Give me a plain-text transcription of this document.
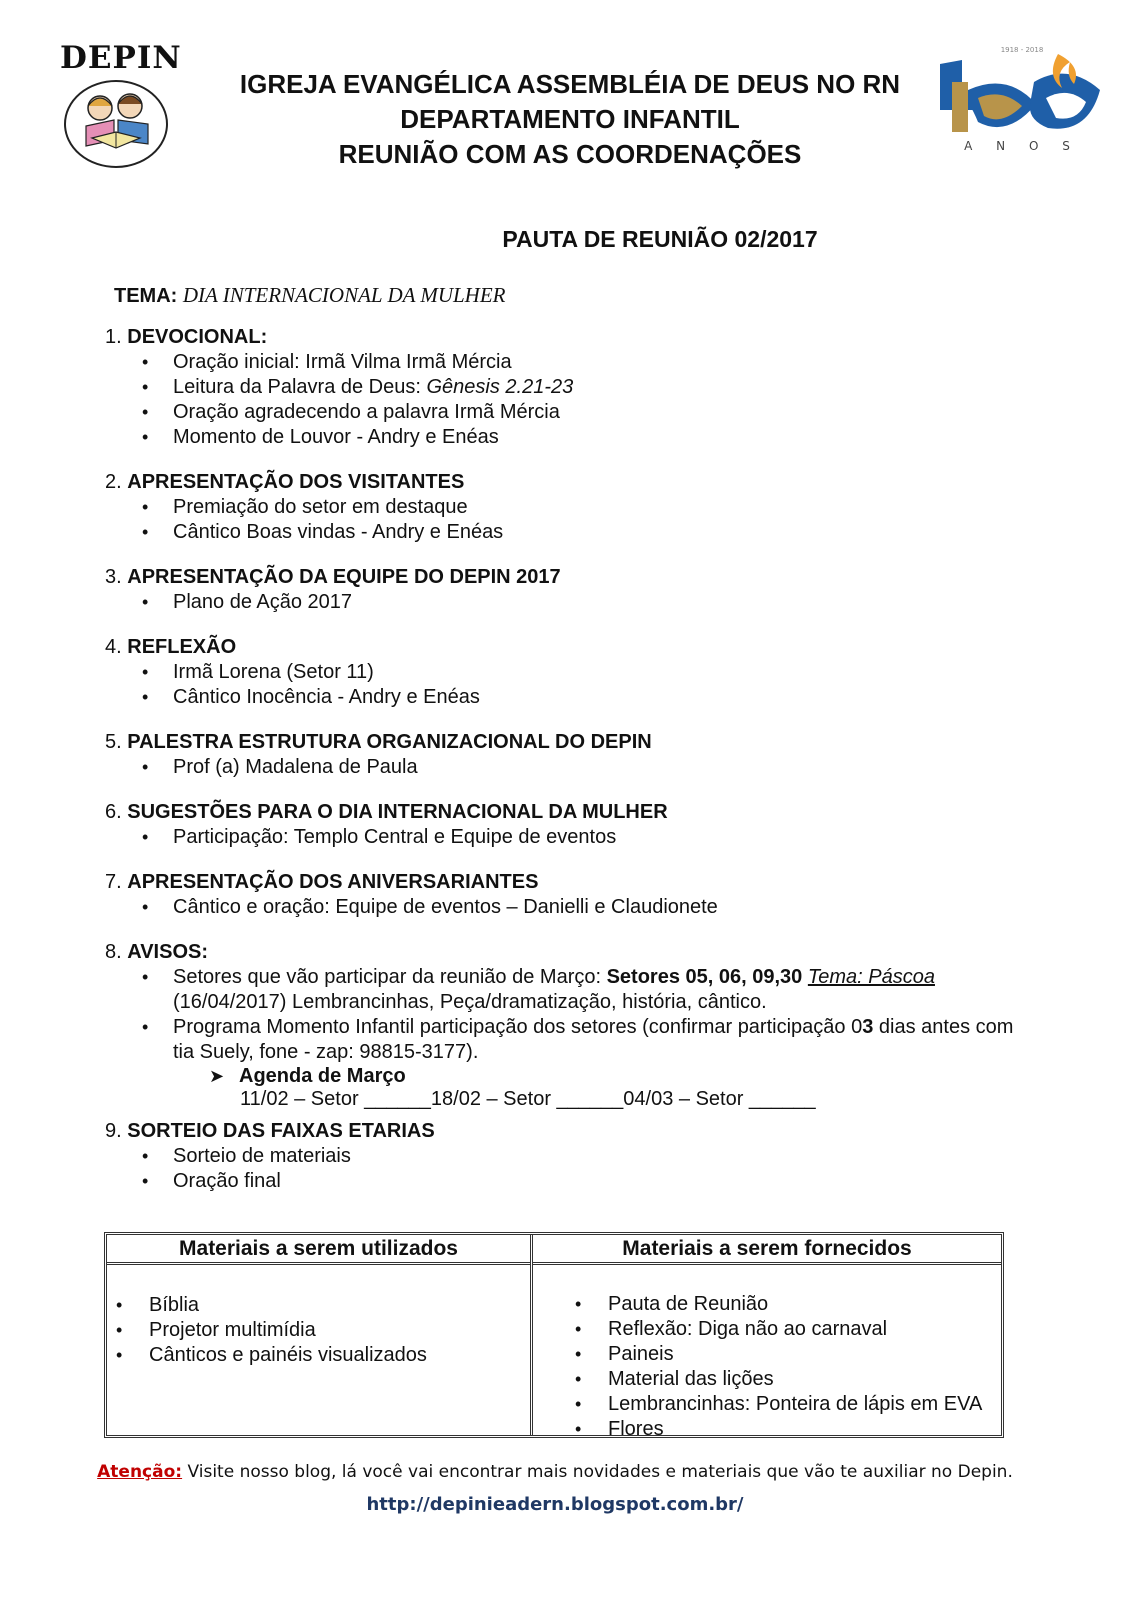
DEPIN
IGREJA EVANGÉLICA ASSEMBLÉIA DE DEUS NO RN
DEPARTAMENTO INFANTIL
REUNIÃO COM AS COORDENAÇÕES
1918 - 2018
A N O S
PAUTA DE REUNIÃO 02/2017
TEMA: DIA INTERNACIONAL DA MULHER
1. DEVOCIONAL:
• Oração inicial: Irmã Vilma Irmã Mércia
• Leitura da Palavra de Deus: Gênesis 2.21-23
• Oração agradecendo a palavra Irmã Mércia
• Momento de Louvor - Andry e Enéas
2. APRESENTAÇÃO DOS VISITANTES
• Premiação do setor em destaque
• Cântico Boas vindas - Andry e Enéas
3. APRESENTAÇÃO DA EQUIPE DO DEPIN 2017
• Plano de Ação 2017
4. REFLEXÃO
• Irmã Lorena (Setor 11)
• Cântico Inocência - Andry e Enéas
5. PALESTRA ESTRUTURA ORGANIZACIONAL DO DEPIN
• Prof (a) Madalena de Paula
6. SUGESTÕES PARA O DIA INTERNACIONAL DA MULHER
• Participação: Templo Central e Equipe de eventos
7. APRESENTAÇÃO DOS ANIVERSARIANTES
• Cântico e oração: Equipe de eventos – Danielli e Claudionete
8. AVISOS:
• Setores que vão participar da reunião de Março: Setores 05, 06, 09,30 Tema: Páscoa
(16/04/2017) Lembrancinhas, Peça/dramatização, história, cântico.
• Programa Momento Infantil participação dos setores (confirmar participação 03 dias antes com tia Suely, fone - zap: 98815-3177).
➤ Agenda de Março
11/02 – Setor ______18/02 – Setor ______04/03 – Setor ______
9. SORTEIO DAS FAIXAS ETARIAS
• Sorteio de materiais
• Oração final
Materiais a serem utilizados
• Bíblia
• Projetor multimídia
• Cânticos e painéis visualizados
Materiais a serem fornecidos
• Pauta de Reunião
• Reflexão: Diga não ao carnaval
• Paineis
• Material das lições
• Lembrancinhas: Ponteira de lápis em EVA
• Flores
Atenção: Visite nosso blog, lá você vai encontrar mais novidades e materiais que vão te auxiliar no Depin.
http://depinieadern.blogspot.com.br/
